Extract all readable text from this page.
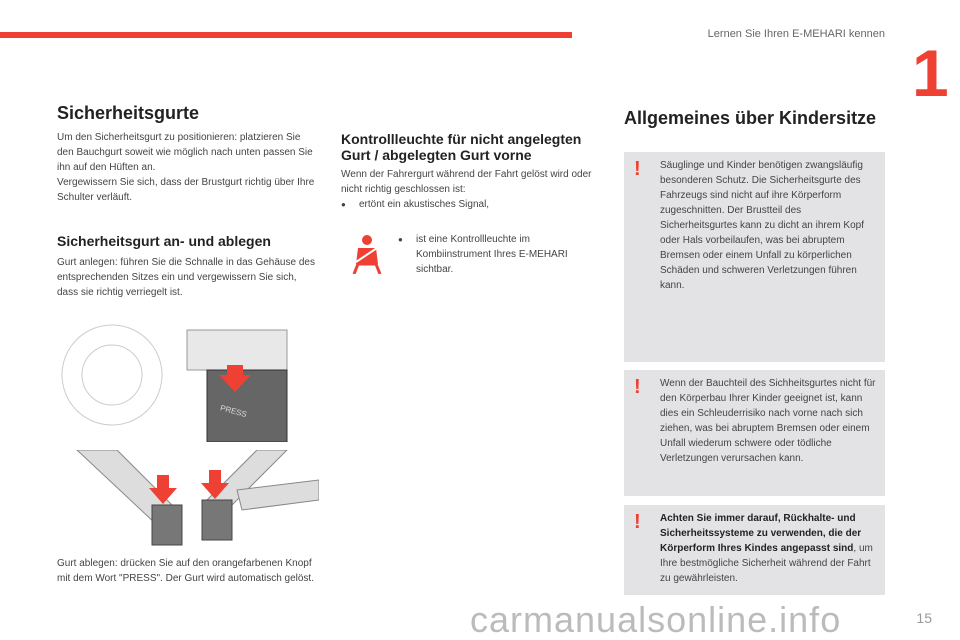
Lernen Sie Ihren E-MEHARI kennen
1
Sicherheitsgurte

Um den Sicherheitsgurt zu positionieren: platzieren Sie den Bauchgurt soweit wie möglich nach unten passen Sie ihn auf den Hüften an.

Vergewissern Sie sich, dass der Brustgurt richtig über Ihre Schulter verläuft.

Sicherheitsgurt an- und ablegen

Gurt anlegen: führen Sie die Schnalle in das Gehäuse des entsprechenden Sitzes ein und vergewissern Sie sich, dass sie richtig verriegelt ist.

PRESS

Gurt ablegen: drücken Sie auf den orangefarbenen Knopf mit dem Wort "PRESS". Der Gurt wird automatisch gelöst.

Kontrollleuchte für nicht angelegten Gurt / abgelegten Gurt vorne

Wenn der Fahrergurt während der Fahrt gelöst wird oder nicht richtig geschlossen ist:

●	ertönt ein akustisches Signal,

●	ist eine Kontrollleuchte im Kombiinstrument Ihres E-MEHARI sichtbar.

Allgemeines über Kindersitze
! Säuglinge und Kinder benötigen zwangsläufig besonderen Schutz. Die Sicherheitsgurte des Fahrzeugs sind nicht auf ihre Körperform zugeschnitten. Der Brustteil des Sicherheitsgurtes kann zu dicht an ihrem Kopf oder Hals vorbeilaufen, was bei abruptem Bremsen oder einem Unfall zu körperlichen Schäden und schweren Verletzungen führen kann.

! Wenn der Bauchteil des Sichheitsgurtes nicht für den Körperbau Ihrer Kinder geeignet ist, kann dies ein Schleuderrisiko nach vorne nach sich ziehen, was bei abruptem Bremsen oder einem Unfall wiederum schwere oder tödliche Verletzungen verursachen kann.

! Achten Sie immer darauf, Rückhalte- und Sicherheitssysteme zu verwenden, die der Körperform Ihres Kindes angepasst sind, um Ihre bestmögliche Sicherheit während der Fahrt zu gewährleisten.

carmanualsonline.info	15
